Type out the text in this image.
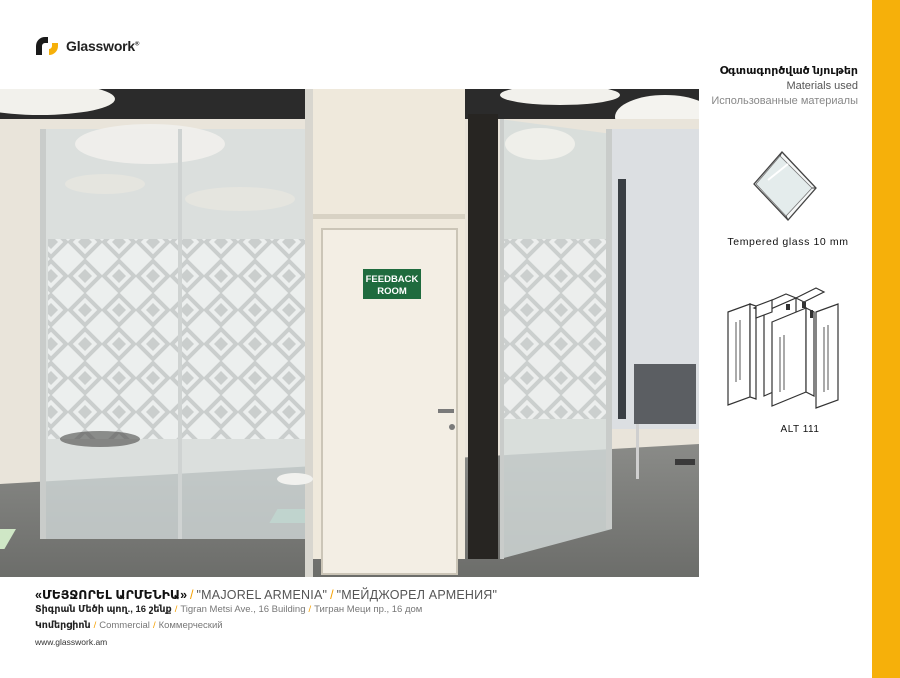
Glasswork®
Օգտագործված նյութեր
Materials used
Использованные материалы
FEEDBACK
ROOM
Tempered glass 10 mm
ALT 111
«ՄԵՅՋՈՐԵԼ ԱՐՄԵՆԻԱ» / "MAJOREL ARMENIA" / "МЕЙДЖОРЕЛ АРМЕНИЯ"
Տիգրան Մեծի պող., 16 շենք / Tigran Metsi Ave., 16 Building / Тигран Меци пр., 16 дом
Կոմերցիոն / Commercial / Коммерческий
www.glasswork.am
